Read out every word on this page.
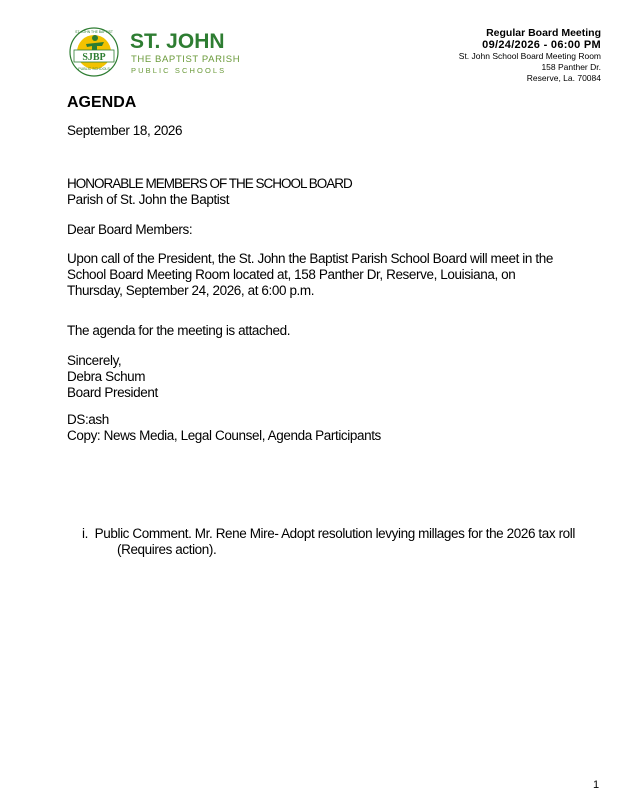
SJBP
PUBLIC SCHOOLS
ST. JOHN THE BAPTIST ST. JOHN
THE BAPTIST PARISH
PUBLIC SCHOOLS
Regular Board Meeting
09/24/2026 - 06:00 PM
St. John School Board Meeting Room
158 Panther Dr.
Reserve, La. 70084
AGENDA
September 18, 2026
HONORABLE MEMBERS OF THE SCHOOL BOARD
Parish of St. John the Baptist
Dear Board Members:
Upon call of the President, the St. John the Baptist Parish School Board will meet in the School Board Meeting Room located at, 158 Panther Dr, Reserve, Louisiana, on Thursday, September 24, 2026, at 6:00 p.m.
The agenda for the meeting is attached.
Sincerely,
Debra Schum
Board President
DS:ash
Copy: News Media, Legal Counsel, Agenda Participants
i. Public Comment. Mr. Rene Mire- Adopt resolution levying millages for the 2026 tax roll
(Requires action).
1
